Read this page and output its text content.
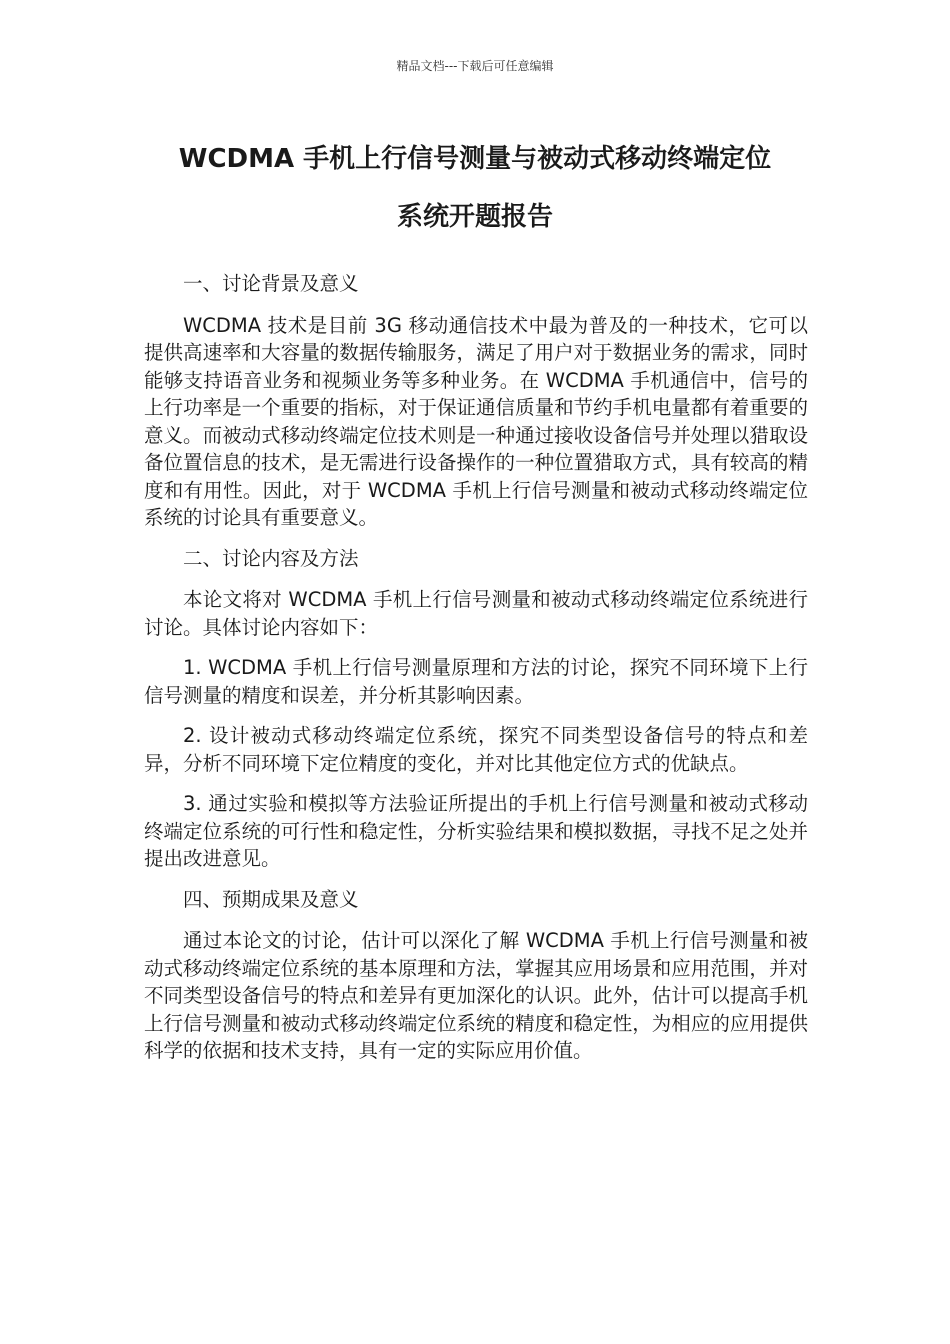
精品文档---下载后可任意编辑
WCDMA 手机上行信号测量与被动式移动终端定位
系统开题报告

一、讨论背景及意义

WCDMA 技术是目前 3G 移动通信技术中最为普及的一种技术，它可以提供高速率和大容量的数据传输服务，满足了用户对于数据业务的需求，同时能够支持语音业务和视频业务等多种业务。在 WCDMA 手机通信中，信号的上行功率是一个重要的指标，对于保证通信质量和节约手机电量都有着重要的意义。而被动式移动终端定位技术则是一种通过接收设备信号并处理以猎取设备位置信息的技术，是无需进行设备操作的一种位置猎取方式，具有较高的精度和有用性。因此，对于 WCDMA 手机上行信号测量和被动式移动终端定位系统的讨论具有重要意义。

二、讨论内容及方法

本论文将对 WCDMA 手机上行信号测量和被动式移动终端定位系统进行讨论。具体讨论内容如下：

1. WCDMA 手机上行信号测量原理和方法的讨论，探究不同环境下上行信号测量的精度和误差，并分析其影响因素。

2. 设计被动式移动终端定位系统，探究不同类型设备信号的特点和差异，分析不同环境下定位精度的变化，并对比其他定位方式的优缺点。

3. 通过实验和模拟等方法验证所提出的手机上行信号测量和被动式移动终端定位系统的可行性和稳定性，分析实验结果和模拟数据，寻找不足之处并提出改进意见。

四、预期成果及意义

通过本论文的讨论，估计可以深化了解 WCDMA 手机上行信号测量和被动式移动终端定位系统的基本原理和方法，掌握其应用场景和应用范围，并对不同类型设备信号的特点和差异有更加深化的认识。此外，估计可以提高手机上行信号测量和被动式移动终端定位系统的精度和稳定性，为相应的应用提供科学的依据和技术支持，具有一定的实际应用价值。
